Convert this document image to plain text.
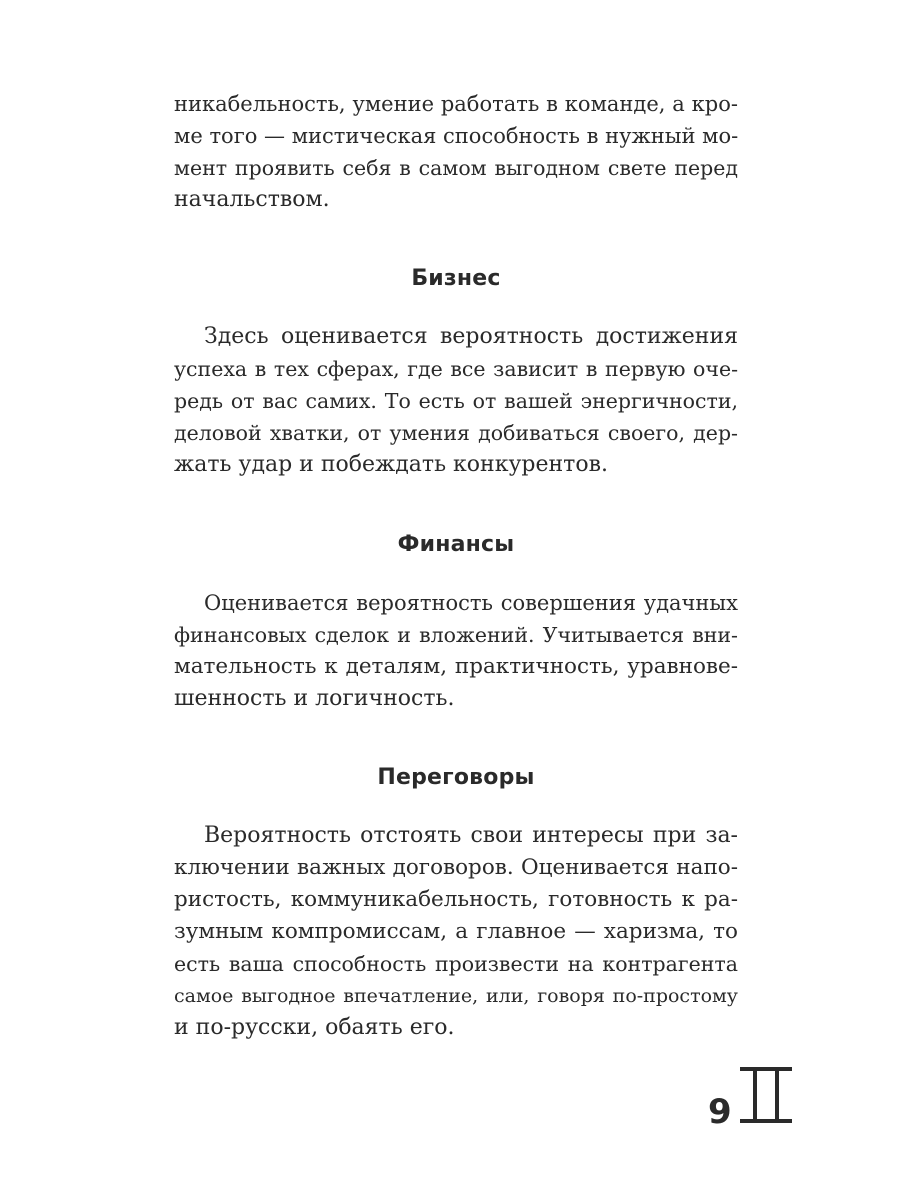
никабельность, умение работать в команде, а кро-
ме того — мистическая способность в нужный мо-
мент проявить себя в самом выгодном свете перед
начальством.
Бизнес
Здесь оценивается вероятность достижения
успеха в тех сферах, где все зависит в первую оче-
редь от вас самих. То есть от вашей энергичности,
деловой хватки, от умения добиваться своего, дер-
жать удар и побеждать конкурентов.
Финансы
Оценивается вероятность совершения удачных
финансовых сделок и вложений. Учитывается вни-
мательность к деталям, практичность, уравнове-
шенность и логичность.
Переговоры
Вероятность отстоять свои интересы при за-
ключении важных договоров. Оценивается напо-
ристость, коммуникабельность, готовность к ра-
зумным компромиссам, а главное — харизма, то
есть ваша способность произвести на контрагента
самое выгодное впечатление, или, говоря по-простому
и по-русски, обаять его.
9
